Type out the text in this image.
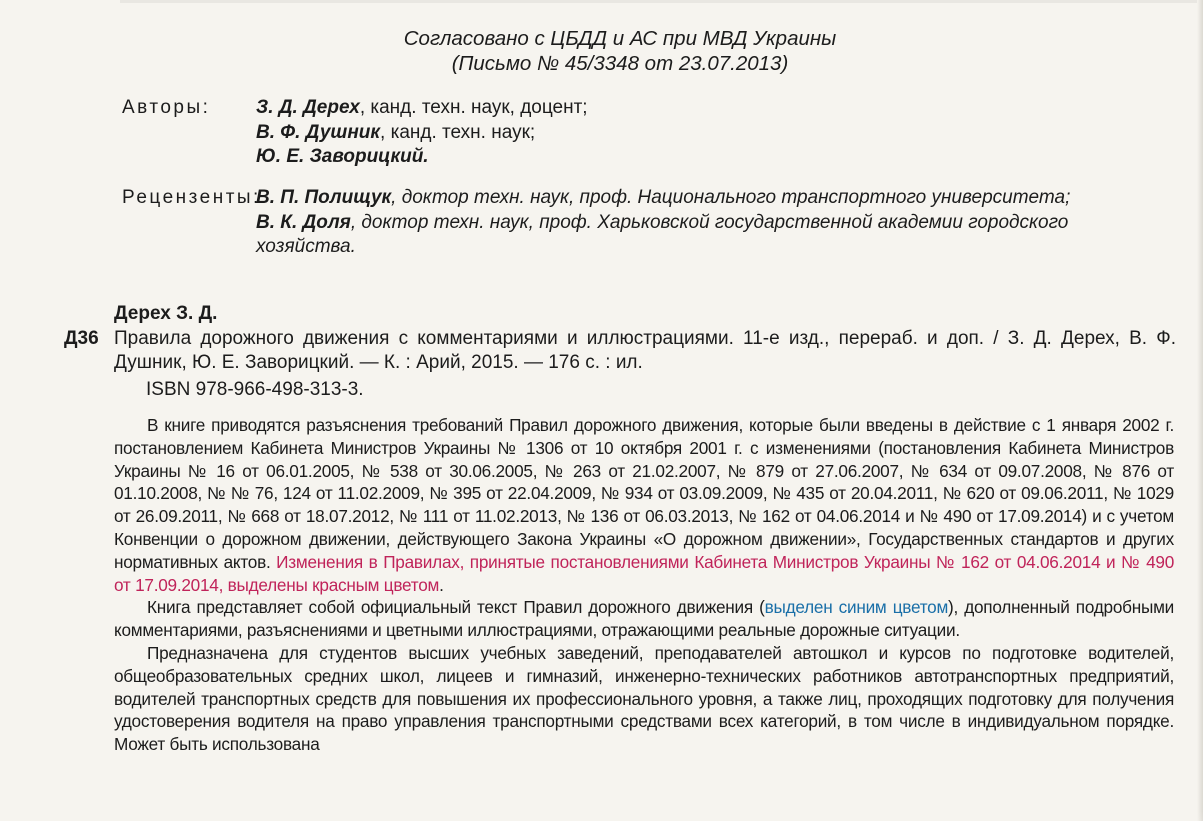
Согласовано с ЦБДД и АС при МВД Украины
(Письмо № 45/3348 от 23.07.2013)
Авторы: З. Д. Дерех, канд. техн. наук, доцент;
В. Ф. Душник, канд. техн. наук;
Ю. Е. Заворицкий.
Рецензенты:В. П. Полищук, доктор техн. наук, проф. Национального транспортного университета;
В. К. Доля, доктор техн. наук, проф. Харьковской государственной академии городского
хозяйства.
Дерех З. Д.
Д36 Правила дорожного движения с комментариями и иллюстрациями. 11-е изд., перераб. и доп. / З. Д. Дерех, В. Ф. Душник, Ю. Е. Заворицкий. — К. : Арий, 2015. — 176 с. : ил.
ISBN 978-966-498-313-3.

В книге приводятся разъяснения требований Правил дорожного движения, которые были введены в действие с 1 января 2002 г. постановлением Кабинета Министров Украины № 1306 от 10 октября 2001 г. с изменениями (постановления Кабинета Министров Украины № 16 от 06.01.2005, № 538 от 30.06.2005, № 263 от 21.02.2007, № 879 от 27.06.2007, № 634 от 09.07.2008, № 876 от 01.10.2008, № № 76, 124 от 11.02.2009, № 395 от 22.04.2009, № 934 от 03.09.2009, № 435 от 20.04.2011, № 620 от 09.06.2011, № 1029 от 26.09.2011, № 668 от 18.07.2012, № 111 от 11.02.2013, № 136 от 06.03.2013, № 162 от 04.06.2014 и № 490 от 17.09.2014) и с учетом Конвенции о дорожном движении, действующего Закона Украины «О дорожном движении», Государственных стандартов и других нормативных актов. Изменения в Правилах, принятые постановлениями Кабинета Министров Украины № 162 от 04.06.2014 и № 490 от 17.09.2014, выделены красным цветом.

Книга представляет собой официальный текст Правил дорожного движения (выделен синим цветом), дополненный подробными комментариями, разъяснениями и цветными иллюстрациями, отражающими реальные дорожные ситуации.

Предназначена для студентов высших учебных заведений, преподавателей автошкол и курсов по подготовке водителей, общеобразовательных средних школ, лицеев и гимназий, инженерно-технических работников автотранспортных предприятий, водителей транспортных средств для повышения их профессионального уровня, а также лиц, проходящих подготовку для получения удостоверения водителя на право управления транспортными средствами всех категорий, в том числе в индивидуальном порядке. Может быть использована
